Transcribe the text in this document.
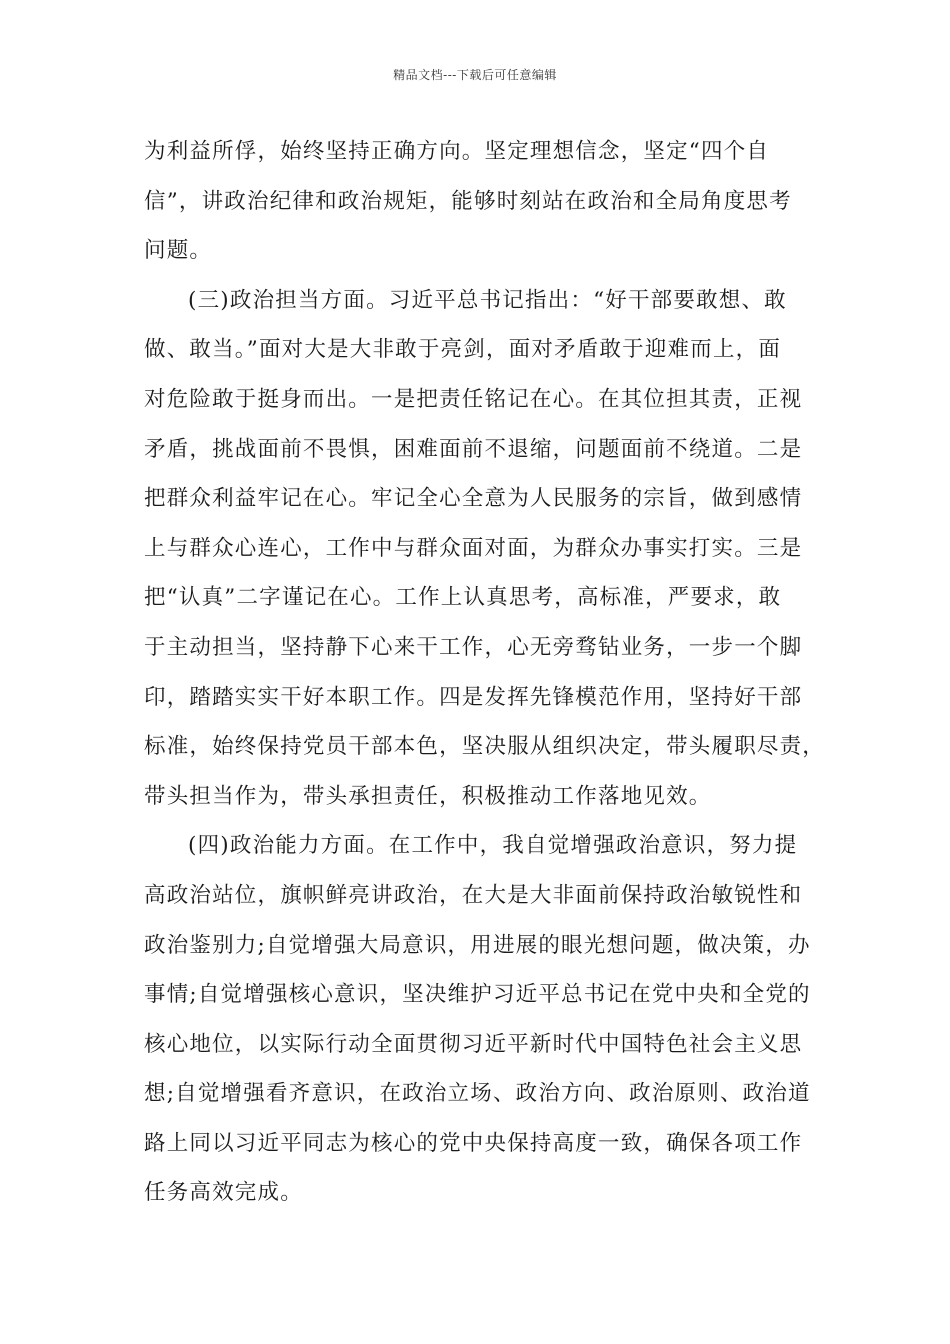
精品文档---下载后可任意编辑
为利益所俘，始终坚持正确方向。坚定理想信念，坚定“四个自
信”，讲政治纪律和政治规矩，能够时刻站在政治和全局角度思考
问题。
(三)政治担当方面。习近平总书记指出：“好干部要敢想、敢
做、敢当。”面对大是大非敢于亮剑，面对矛盾敢于迎难而上，面
对危险敢于挺身而出。一是把责任铭记在心。在其位担其责，正视
矛盾，挑战面前不畏惧，困难面前不退缩，问题面前不绕道。二是
把群众利益牢记在心。牢记全心全意为人民服务的宗旨，做到感情
上与群众心连心，工作中与群众面对面，为群众办事实打实。三是
把“认真”二字谨记在心。工作上认真思考，高标准，严要求，敢
于主动担当，坚持静下心来干工作，心无旁骛钻业务，一步一个脚
印，踏踏实实干好本职工作。四是发挥先锋模范作用，坚持好干部
标准，始终保持党员干部本色，坚决服从组织决定，带头履职尽责，
带头担当作为，带头承担责任，积极推动工作落地见效。
(四)政治能力方面。在工作中，我自觉增强政治意识，努力提
高政治站位，旗帜鲜亮讲政治，在大是大非面前保持政治敏锐性和
政治鉴别力;自觉增强大局意识，用进展的眼光想问题，做决策，办
事情;自觉增强核心意识，坚决维护习近平总书记在党中央和全党的
核心地位，以实际行动全面贯彻习近平新时代中国特色社会主义思
想;自觉增强看齐意识，在政治立场、政治方向、政治原则、政治道
路上同以习近平同志为核心的党中央保持高度一致，确保各项工作
任务高效完成。
